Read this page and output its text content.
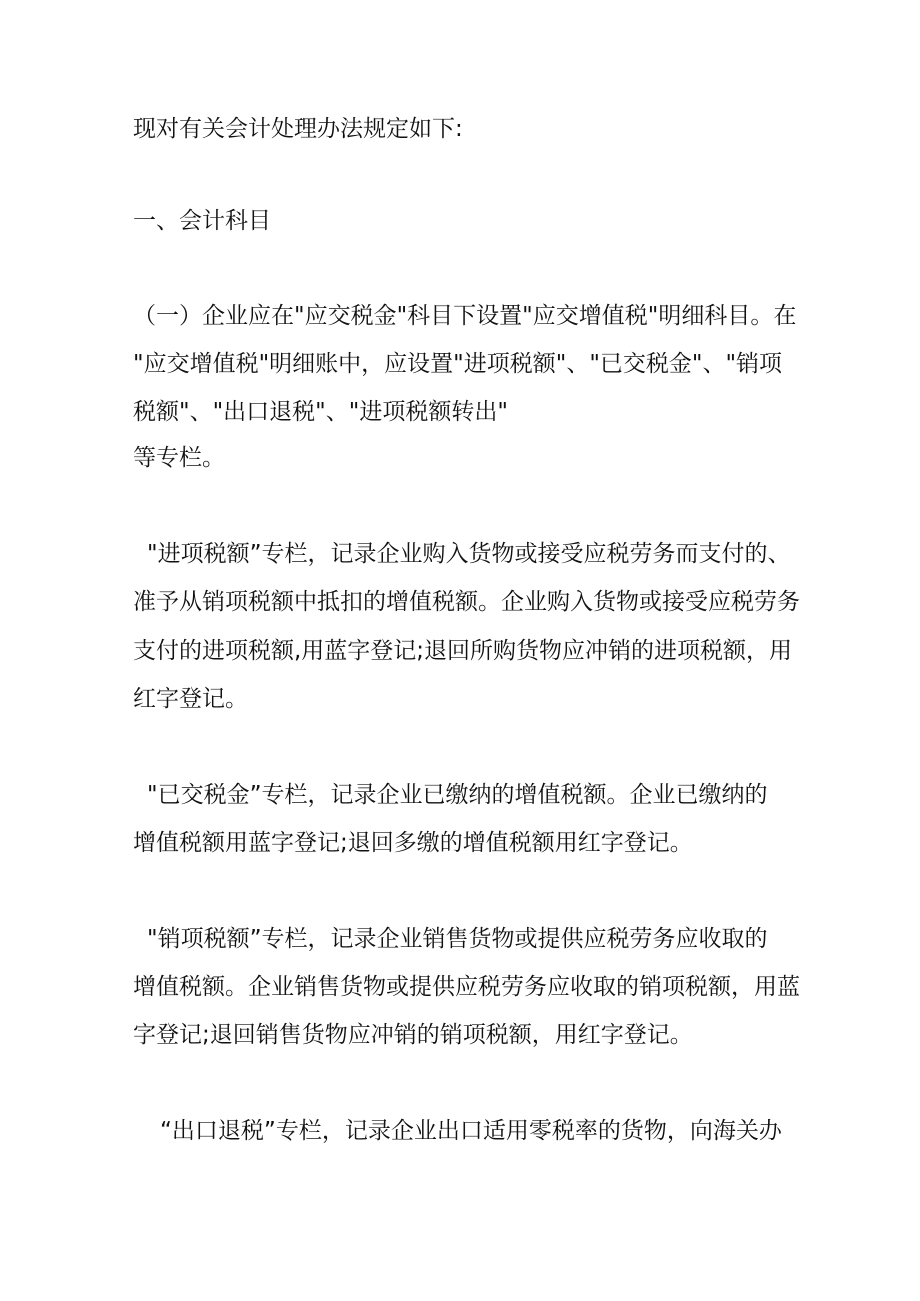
现对有关会计处理办法规定如下:
一、会计科目
（一）企业应在"应交税金"科目下设置"应交增值税"明细科目。在
"应交增值税"明细账中，应设置"进项税额"、"已交税金"、"销项
税额"、"出口退税"、"进项税额转出"
等专栏。
"进项税额”专栏，记录企业购入货物或接受应税劳务而支付的、
准予从销项税额中抵扣的增值税额。企业购入货物或接受应税劳务
支付的进项税额,用蓝字登记;退回所购货物应冲销的进项税额，用
红字登记。
"已交税金”专栏，记录企业已缴纳的增值税额。企业已缴纳的
增值税额用蓝字登记;退回多缴的增值税额用红字登记。
"销项税额”专栏，记录企业销售货物或提供应税劳务应收取的
增值税额。企业销售货物或提供应税劳务应收取的销项税额，用蓝
字登记;退回销售货物应冲销的销项税额，用红字登记。
“出口退税”专栏，记录企业出口适用零税率的货物，向海关办
